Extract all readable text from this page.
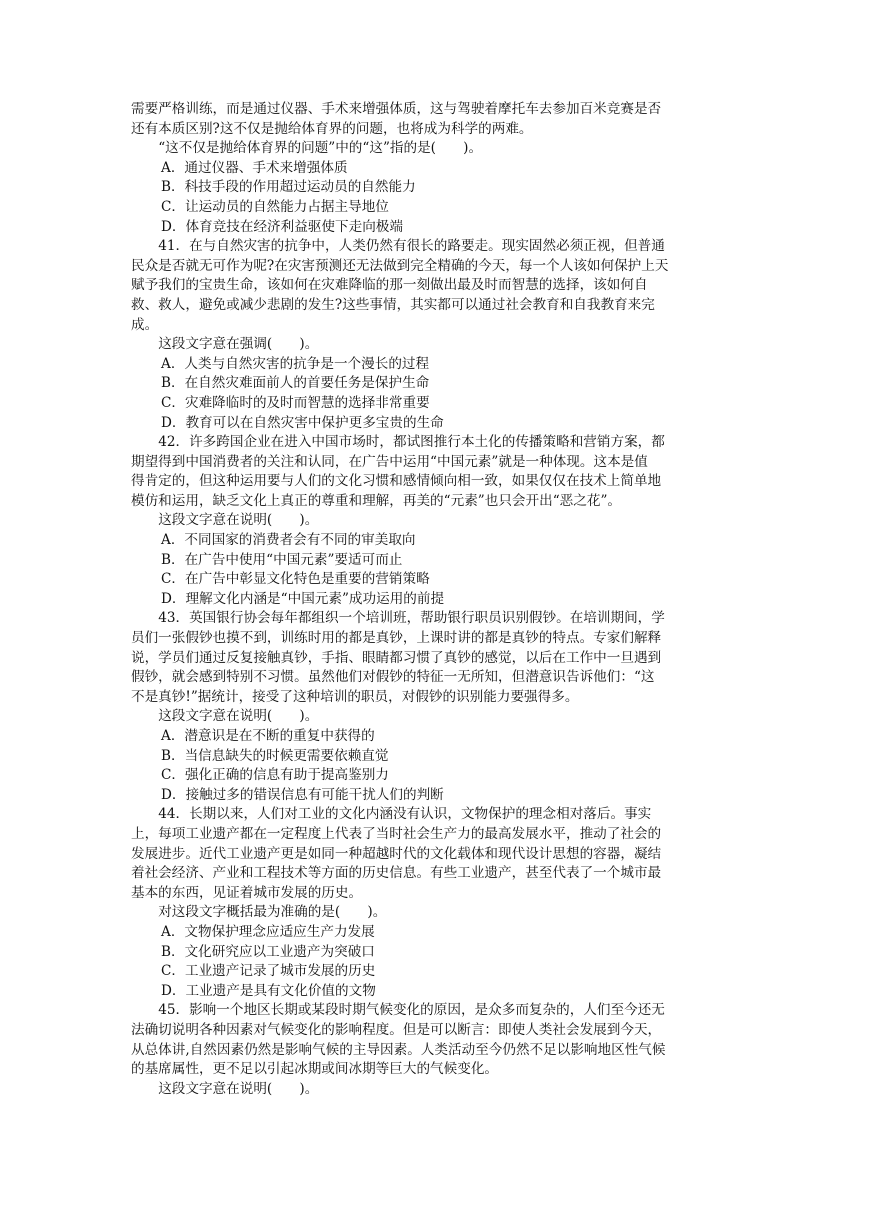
需要严格训练，而是通过仪器、手术来增强体质，这与驾驶着摩托车去参加百米竞赛是否

还有本质区别?这不仅是抛给体育界的问题，也将成为科学的两难。

“这不仅是抛给体育界的问题”中的“这”指的是(　　)。

A．通过仪器、手术来增强体质

B．科技手段的作用超过运动员的自然能力

C．让运动员的自然能力占据主导地位

D．体育竞技在经济利益驱使下走向极端

41．在与自然灾害的抗争中，人类仍然有很长的路要走。现实固然必须正视，但普通

民众是否就无可作为呢?在灾害预测还无法做到完全精确的今天，每一个人该如何保护上天

赋予我们的宝贵生命，该如何在灾难降临的那一刻做出最及时而智慧的选择，该如何自

救、救人，避免或减少悲剧的发生?这些事情，其实都可以通过社会教育和自我教育来完

成。

这段文字意在强调(　　)。

A．人类与自然灾害的抗争是一个漫长的过程

B．在自然灾难面前人的首要任务是保护生命

C．灾难降临时的及时而智慧的选择非常重要

D．教育可以在自然灾害中保护更多宝贵的生命

42．许多跨国企业在进入中国市场时，都试图推行本土化的传播策略和营销方案，都

期望得到中国消费者的关注和认同，在广告中运用“中国元素”就是一种体现。这本是值

得肯定的，但这种运用要与人们的文化习惯和感情倾向相一致，如果仅仅在技术上简单地

模仿和运用，缺乏文化上真正的尊重和理解，再美的“元素”也只会开出“恶之花”。

这段文字意在说明(　　)。

A．不同国家的消费者会有不同的审美取向

B．在广告中使用“中国元素”要适可而止

C．在广告中彰显文化特色是重要的营销策略

D．理解文化内涵是“中国元素”成功运用的前提

43．英国银行协会每年都组织一个培训班，帮助银行职员识别假钞。在培训期间，学

员们一张假钞也摸不到，训练时用的都是真钞，上课时讲的都是真钞的特点。专家们解释

说，学员们通过反复接触真钞，手指、眼睛都习惯了真钞的感觉，以后在工作中一旦遇到

假钞，就会感到特别不习惯。虽然他们对假钞的特征一无所知，但潜意识告诉他们：“这

不是真钞!”据统计，接受了这种培训的职员，对假钞的识别能力要强得多。

这段文字意在说明(　　)。

A．潜意识是在不断的重复中获得的

B．当信息缺失的时候更需要依赖直觉

C．强化正确的信息有助于提高鉴别力

D．接触过多的错误信息有可能干扰人们的判断

44．长期以来，人们对工业的文化内涵没有认识，文物保护的理念相对落后。事实

上，每项工业遗产都在一定程度上代表了当时社会生产力的最高发展水平，推动了社会的

发展进步。近代工业遗产更是如同一种超越时代的文化载体和现代设计思想的容器，凝结

着社会经济、产业和工程技术等方面的历史信息。有些工业遗产，甚至代表了一个城市最

基本的东西，见证着城市发展的历史。

对这段文字概括最为准确的是(　　)。

A．文物保护理念应适应生产力发展

B．文化研究应以工业遗产为突破口

C．工业遗产记录了城市发展的历史

D．工业遗产是具有文化价值的文物

45．影响一个地区长期或某段时期气候变化的原因，是众多而复杂的，人们至今还无

法确切说明各种因素对气候变化的影响程度。但是可以断言：即使人类社会发展到今天，

从总体讲,自然因素仍然是影响气候的主导因素。人类活动至今仍然不足以影响地区性气候

的基席属性，更不足以引起冰期或间冰期等巨大的气候变化。

这段文字意在说明(　　)。
